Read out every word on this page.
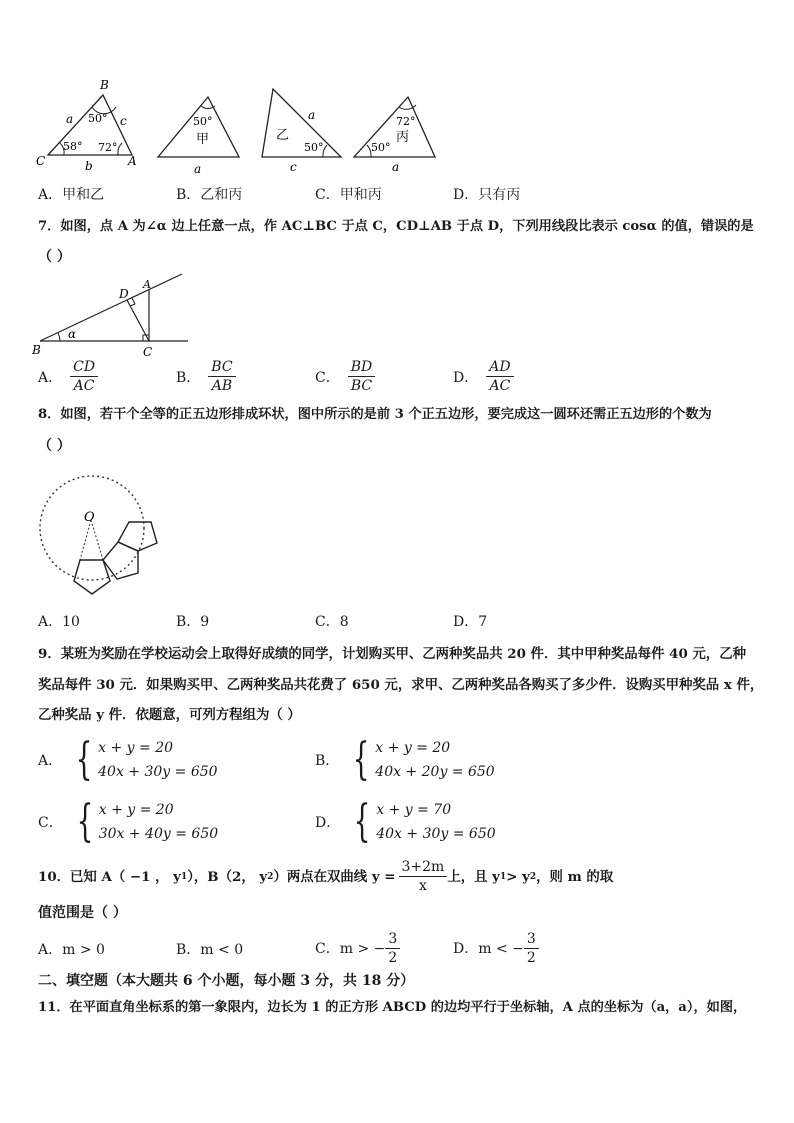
B
C	A
a	c
b
50°
58° 72°
50°
甲
a
乙
50°
a
c
72°
丙
50°
a
A．甲和乙	B．乙和丙	C．甲和丙	D．只有丙
7．如图，点 A 为∠α 边上任意一点，作 AC⊥BC 于点 C，CD⊥AB 于点 D，下列用线段比表示 cosα 的值，错误的是
（ ）
A
B	C
D
α
A． $\frac{CD}{AC}$	B． $\frac{BC}{AB}$	C． $\frac{BD}{BC}$	D． $\frac{AD}{AC}$
8．如图，若干个全等的正五边形排成环状，图中所示的是前 3 个正五边形，要完成这一圆环还需正五边形的个数为
（ ）
O
A．10	B．9	C．8	D．7
9．某班为奖励在学校运动会上取得好成绩的同学，计划购买甲、乙两种奖品共 20 件．其中甲种奖品每件 40 元，乙种
奖品每件 30 元．如果购买甲、乙两种奖品共花费了 650 元，求甲、乙两种奖品各购买了多少件．设购买甲种奖品 x 件，
乙种奖品 y 件．依题意，可列方程组为（ ）
A． { x + y = 20
40x + 30y = 650
B． { x + y = 20
40x + 20y = 650
C． { x + y = 20
30x + 40y = 650
D． { x + y = 70
40x + 30y = 650
10．已知 A（ −1 ， y 1 ），B（2， y 2 ）两点在双曲线 $y = \frac{3+2m}{x}$ 上，且 y 1 > y 2 ，则 m 的取
值范围是（ ）
A．m > 0	B．m < 0	C． m > − $\frac{3}{2}$	D． m < − $\frac{3}{2}$
二、填空题（本大题共 6 个小题，每小题 3 分，共 18 分）
11．在平面直角坐标系的第一象限内，边长为 1 的正方形 ABCD 的边均平行于坐标轴，A 点的坐标为（a，a），如图，
